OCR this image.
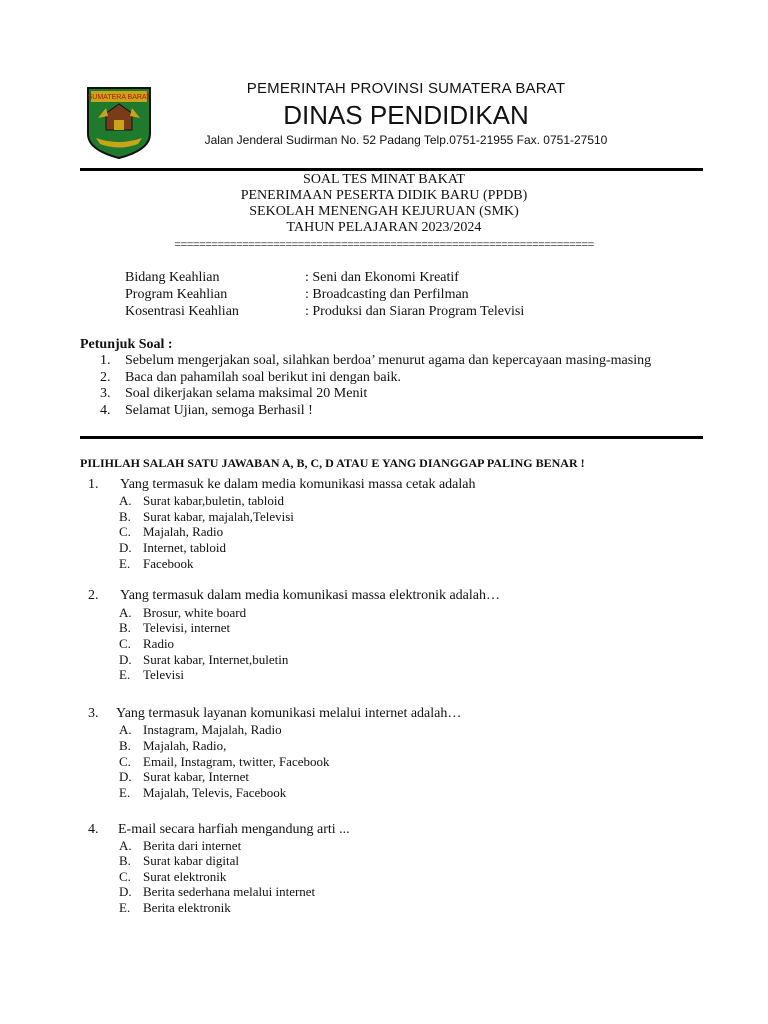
SUMATERA BARAT
PEMERINTAH PROVINSI SUMATERA BARAT
DINAS PENDIDIKAN
Jalan Jenderal Sudirman No. 52 Padang Telp.0751-21955 Fax. 0751-27510
SOAL TES MINAT BAKAT
PENERIMAAN PESERTA DIDIK BARU (PPDB)
SEKOLAH MENENGAH KEJURUAN (SMK)
TAHUN PELAJARAN 2023/2024
====================================================================
Bidang Keahlian	: Seni dan Ekonomi Kreatif
Program Keahlian	: Broadcasting dan Perfilman
Kosentrasi Keahlian	: Produksi dan Siaran Program Televisi
Petunjuk Soal :
1. Sebelum mengerjakan soal, silahkan berdoa’ menurut agama dan kepercayaan masing-masing
2. Baca dan pahamilah soal berikut ini dengan baik.
3. Soal dikerjakan selama maksimal 20 Menit
4. Selamat Ujian, semoga Berhasil !
PILIHLAH SALAH SATU JAWABAN A, B, C, D ATAU E YANG DIANGGAP PALING BENAR !
1. Yang termasuk ke dalam media komunikasi massa cetak adalah
A. Surat kabar,buletin, tabloid
B. Surat kabar, majalah,Televisi
C. Majalah, Radio
D. Internet, tabloid
E. Facebook
2. Yang termasuk dalam media komunikasi massa elektronik adalah…
A. Brosur, white board
B. Televisi, internet
C. Radio
D. Surat kabar, Internet,buletin
E. Televisi
3. Yang termasuk layanan komunikasi melalui internet adalah…
A. Instagram, Majalah, Radio
B. Majalah, Radio,
C. Email, Instagram, twitter, Facebook
D. Surat kabar, Internet
E. Majalah, Televis, Facebook
4. E-mail secara harfiah mengandung arti ...
A. Berita dari internet
B. Surat kabar digital
C. Surat elektronik
D. Berita sederhana melalui internet
E. Berita elektronik
